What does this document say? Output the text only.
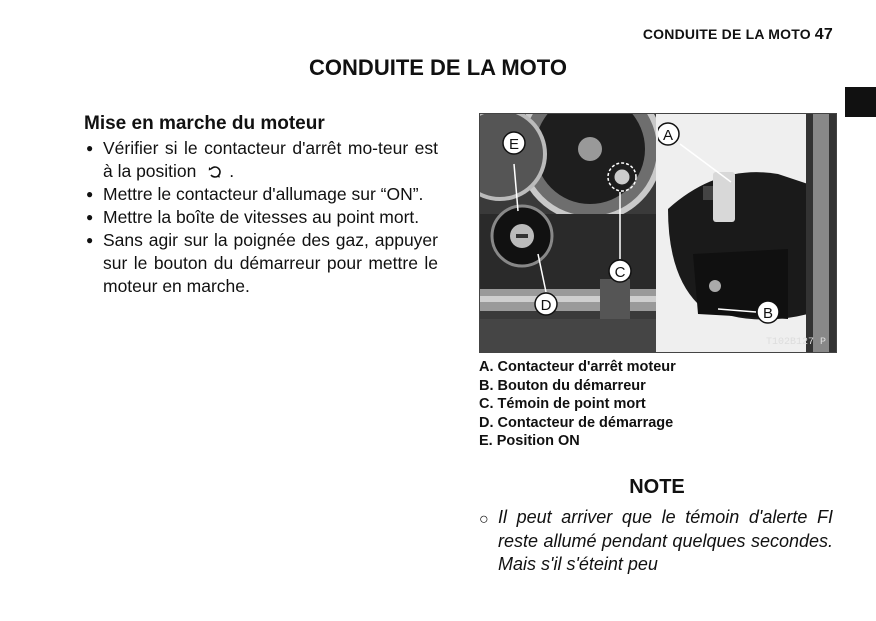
CONDUITE DE LA MOTO 47
CONDUITE DE LA MOTO
Mise en marche du moteur
● Vérifier si le contacteur d'arrêt mo-teur est à la position .
● Mettre le contacteur d'allumage sur “ON”.
● Mettre la boîte de vitesses au point mort.
● Sans agir sur la poignée des gaz, appuyer sur le bouton du démarreur pour mettre le moteur en marche.
E
C
D
A
B
T102B127 P
A. Contacteur d'arrêt moteur
B. Bouton du démarreur
C. Témoin de point mort
D. Contacteur de démarrage
E. Position ON
NOTE
○ Il peut arriver que le témoin d'alerte FI reste allumé pendant quelques secondes. Mais s'il s'éteint peu
